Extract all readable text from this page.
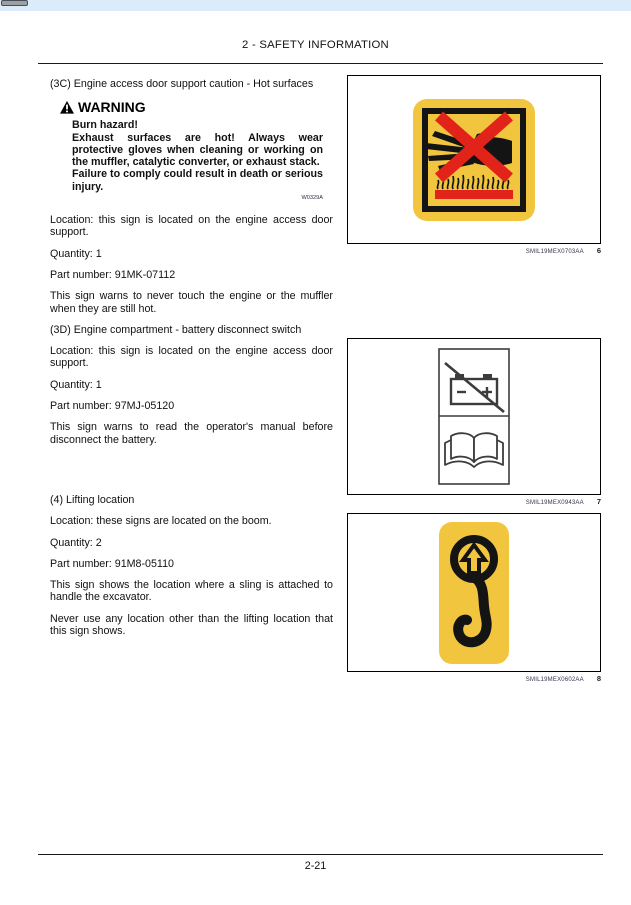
2 - SAFETY INFORMATION

(3C) Engine access door support caution - Hot surfaces

WARNING

Burn hazard!

Exhaust surfaces are hot! Always wear protective gloves when cleaning or working on the muffler, catalytic converter, or exhaust stack.

Failure to comply could result in death or serious injury.

W0329A

Location: this sign is located on the engine access door support.

Quantity: 1

Part number: 91MK-07112

This sign warns to never touch the engine or the muffler when they are still hot.

(3D) Engine compartment - battery disconnect switch

Location: this sign is located on the engine access door support.

Quantity: 1

Part number: 97MJ-05120

This sign warns to read the operator's manual before disconnect the battery.

(4) Lifting location

Location: these signs are located on the boom.

Quantity: 2

Part number: 91M8-05110

This sign shows the location where a sling is attached to handle the excavator.

Never use any location other than the lifting location that this sign shows.

SMIL19MEX0703AA 6
SMIL19MEX0943AA 7
SMIL19MEX0602AA 8
2-21
